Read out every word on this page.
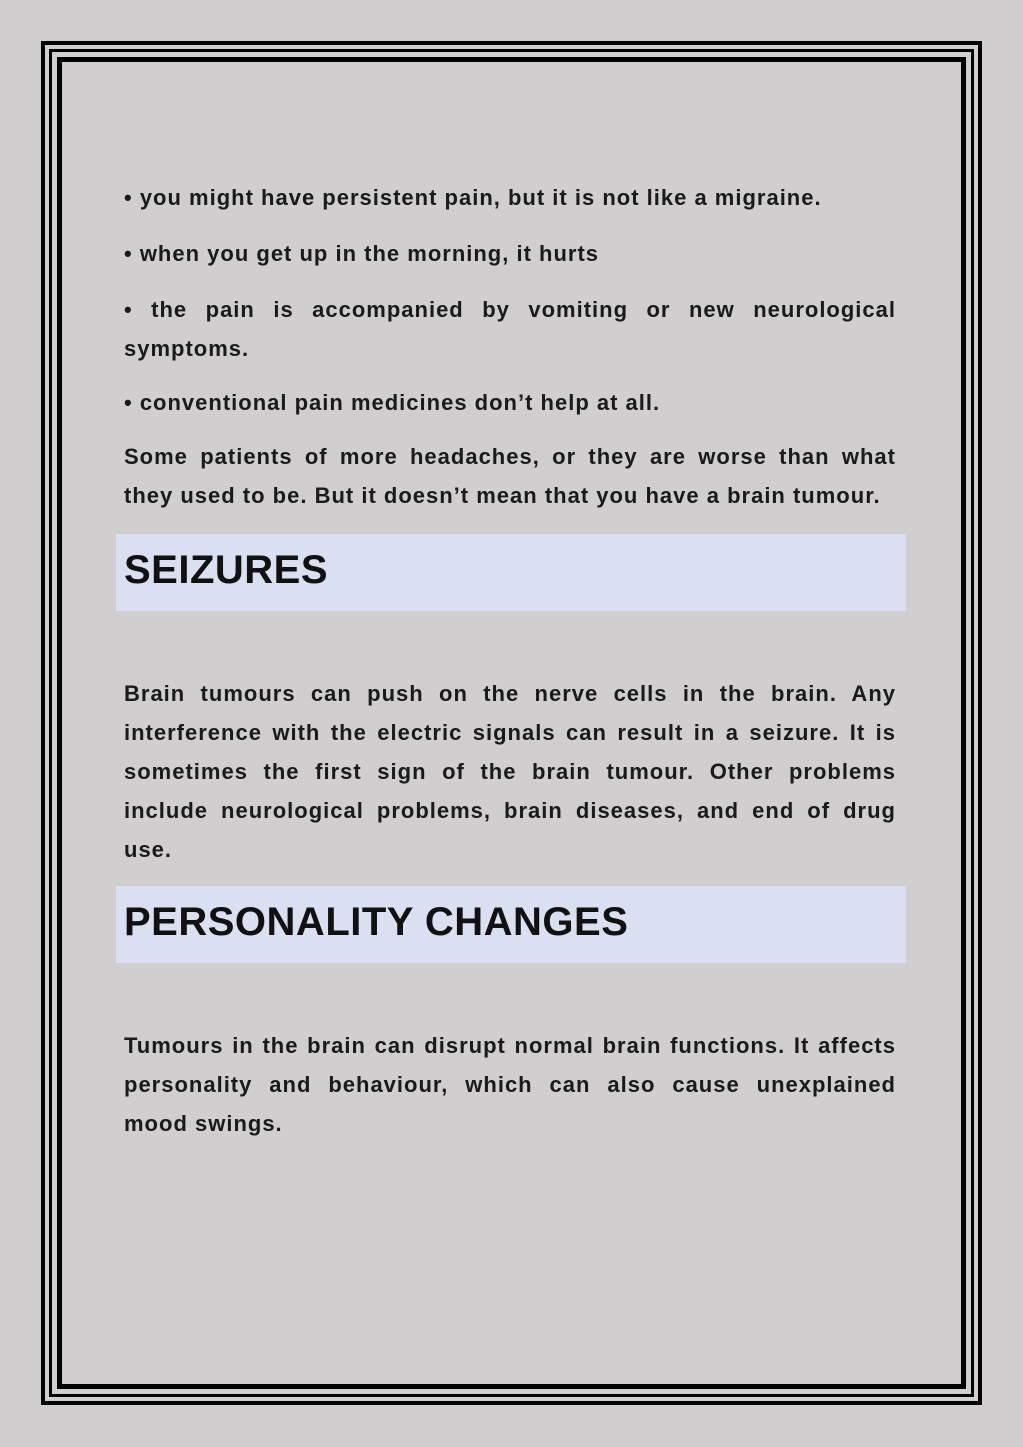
• you might have persistent pain, but it is not like a migraine.

• when you get up in the morning, it hurts

• the pain is accompanied by vomiting or new neurological symptoms.

• conventional pain medicines don’t help at all.

Some patients of more headaches, or they are worse than what they used to be. But it doesn’t mean that you have a brain tumour.

SEIZURES

Brain tumours can push on the nerve cells in the brain. Any interference with the electric signals can result in a seizure. It is sometimes the first sign of the brain tumour. Other problems include neurological problems, brain diseases, and end of drug use.

PERSONALITY CHANGES

Tumours in the brain can disrupt normal brain functions. It affects personality and behaviour, which can also cause unexplained mood swings.
